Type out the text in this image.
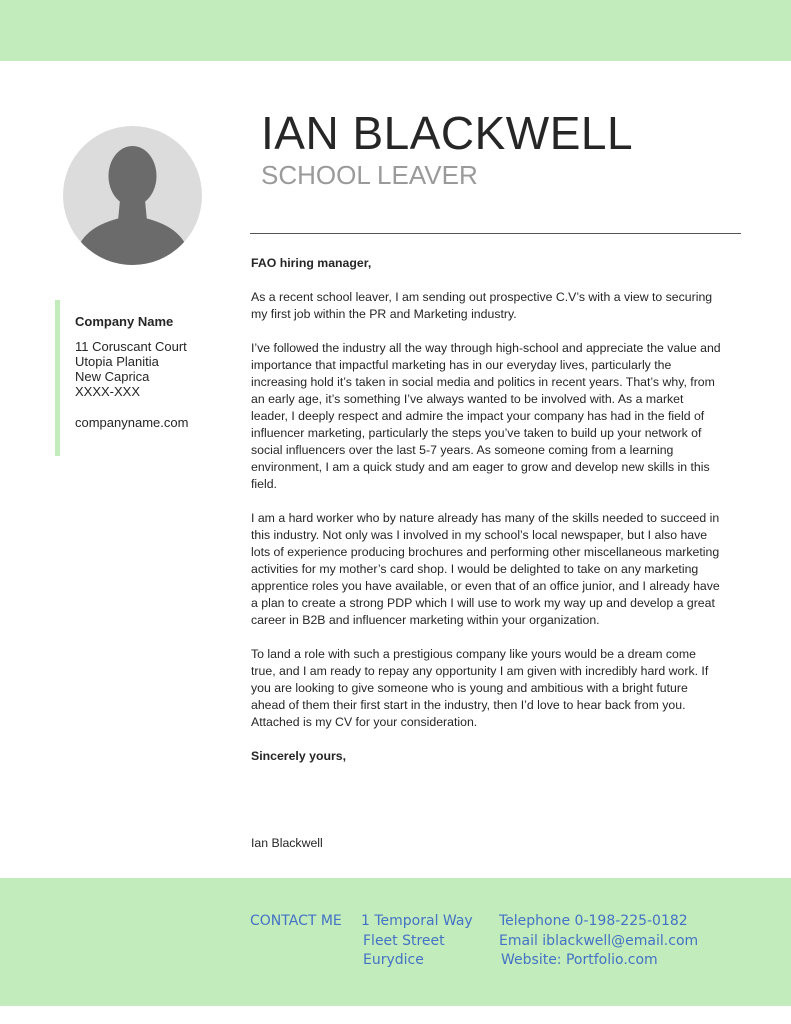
IAN BLACKWELL
SCHOOL LEAVER
Company Name
11 Coruscant Court
Utopia Planitia
New Caprica
XXXX-XXX
companyname.com

FAO hiring manager,

As a recent school leaver, I am sending out prospective C.V’s with a view to securing my first job within the PR and Marketing industry.

I’ve followed the industry all the way through high-school and appreciate the value and importance that impactful marketing has in our everyday lives, particularly the increasing hold it’s taken in social media and politics in recent years. That’s why, from an early age, it’s something I’ve always wanted to be involved with. As a market leader, I deeply respect and admire the impact your company has had in the field of influencer marketing, particularly the steps you’ve taken to build up your network of social influencers over the last 5-7 years. As someone coming from a learning environment, I am a quick study and am eager to grow and develop new skills in this field.

I am a hard worker who by nature already has many of the skills needed to succeed in this industry. Not only was I involved in my school’s local newspaper, but I also have lots of experience producing brochures and performing other miscellaneous marketing activities for my mother’s card shop. I would be delighted to take on any marketing apprentice roles you have available, or even that of an office junior, and I already have a plan to create a strong PDP which I will use to work my way up and develop a great career in B2B and influencer marketing within your organization.

To land a role with such a prestigious company like yours would be a dream come true, and I am ready to repay any opportunity I am given with incredibly hard work. If you are looking to give someone who is young and ambitious with a bright future ahead of them their first start in the industry, then I’d love to hear back from you. Attached is my CV for your consideration.

Sincerely yours,

Ian Blackwell
CONTACT ME 1 Temporal Way
Fleet Street
Eurydice
Telephone 0-198-225-0182
Email iblackwell@email.com
Website: Portfolio.com
